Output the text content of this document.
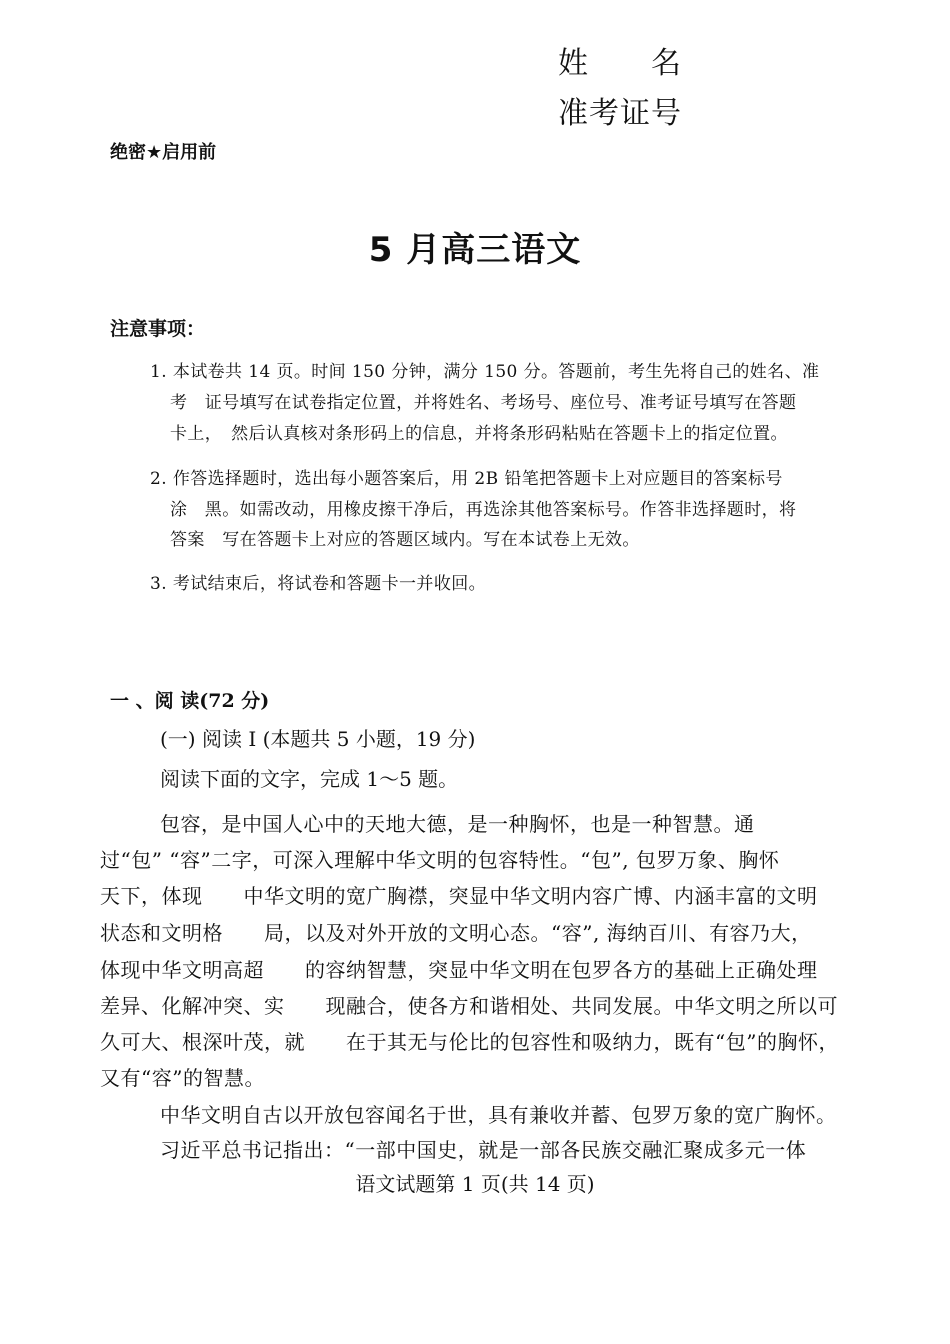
姓　　名
准考证号
绝密★启用前
5 月高三语文
注意事项：
1. 本试卷共 14 页。时间 150 分钟，满分 150 分。答题前，考生先将自己的姓名、准
考　证号填写在试卷指定位置，并将姓名、考场号、座位号、准考证号填写在答题
卡上，　然后认真核对条形码上的信息，并将条形码粘贴在答题卡上的指定位置。
2. 作答选择题时，选出每小题答案后，用 2B 铅笔把答题卡上对应题目的答案标号
涂　黑。如需改动，用橡皮擦干净后，再选涂其他答案标号。作答非选择题时，将
答案　写在答题卡上对应的答题区域内。写在本试卷上无效。
3. 考试结束后，将试卷和答题卡一并收回。
一 、阅 读(72 分)
(一) 阅读 I (本题共 5 小题，19 分)
阅读下面的文字，完成 1～5 题。
包容，是中国人心中的天地大德，是一种胸怀，也是一种智慧。通
过“包” “容”二字，可深入理解中华文明的包容特性。“包”, 包罗万象、胸怀
天下，体现　　中华文明的宽广胸襟，突显中华文明内容广博、内涵丰富的文明
状态和文明格　　局，以及对外开放的文明心态。“容”, 海纳百川、有容乃大，
体现中华文明高超　　的容纳智慧，突显中华文明在包罗各方的基础上正确处理
差异、化解冲突、实　　现融合，使各方和谐相处、共同发展。中华文明之所以可
久可大、根深叶茂，就　　在于其无与伦比的包容性和吸纳力，既有“包”的胸怀，
又有“容”的智慧。
中华文明自古以开放包容闻名于世，具有兼收并蓄、包罗万象的宽广胸怀。
习近平总书记指出：“一部中国史，就是一部各民族交融汇聚成多元一体
语文试题第 1 页(共 14 页)
